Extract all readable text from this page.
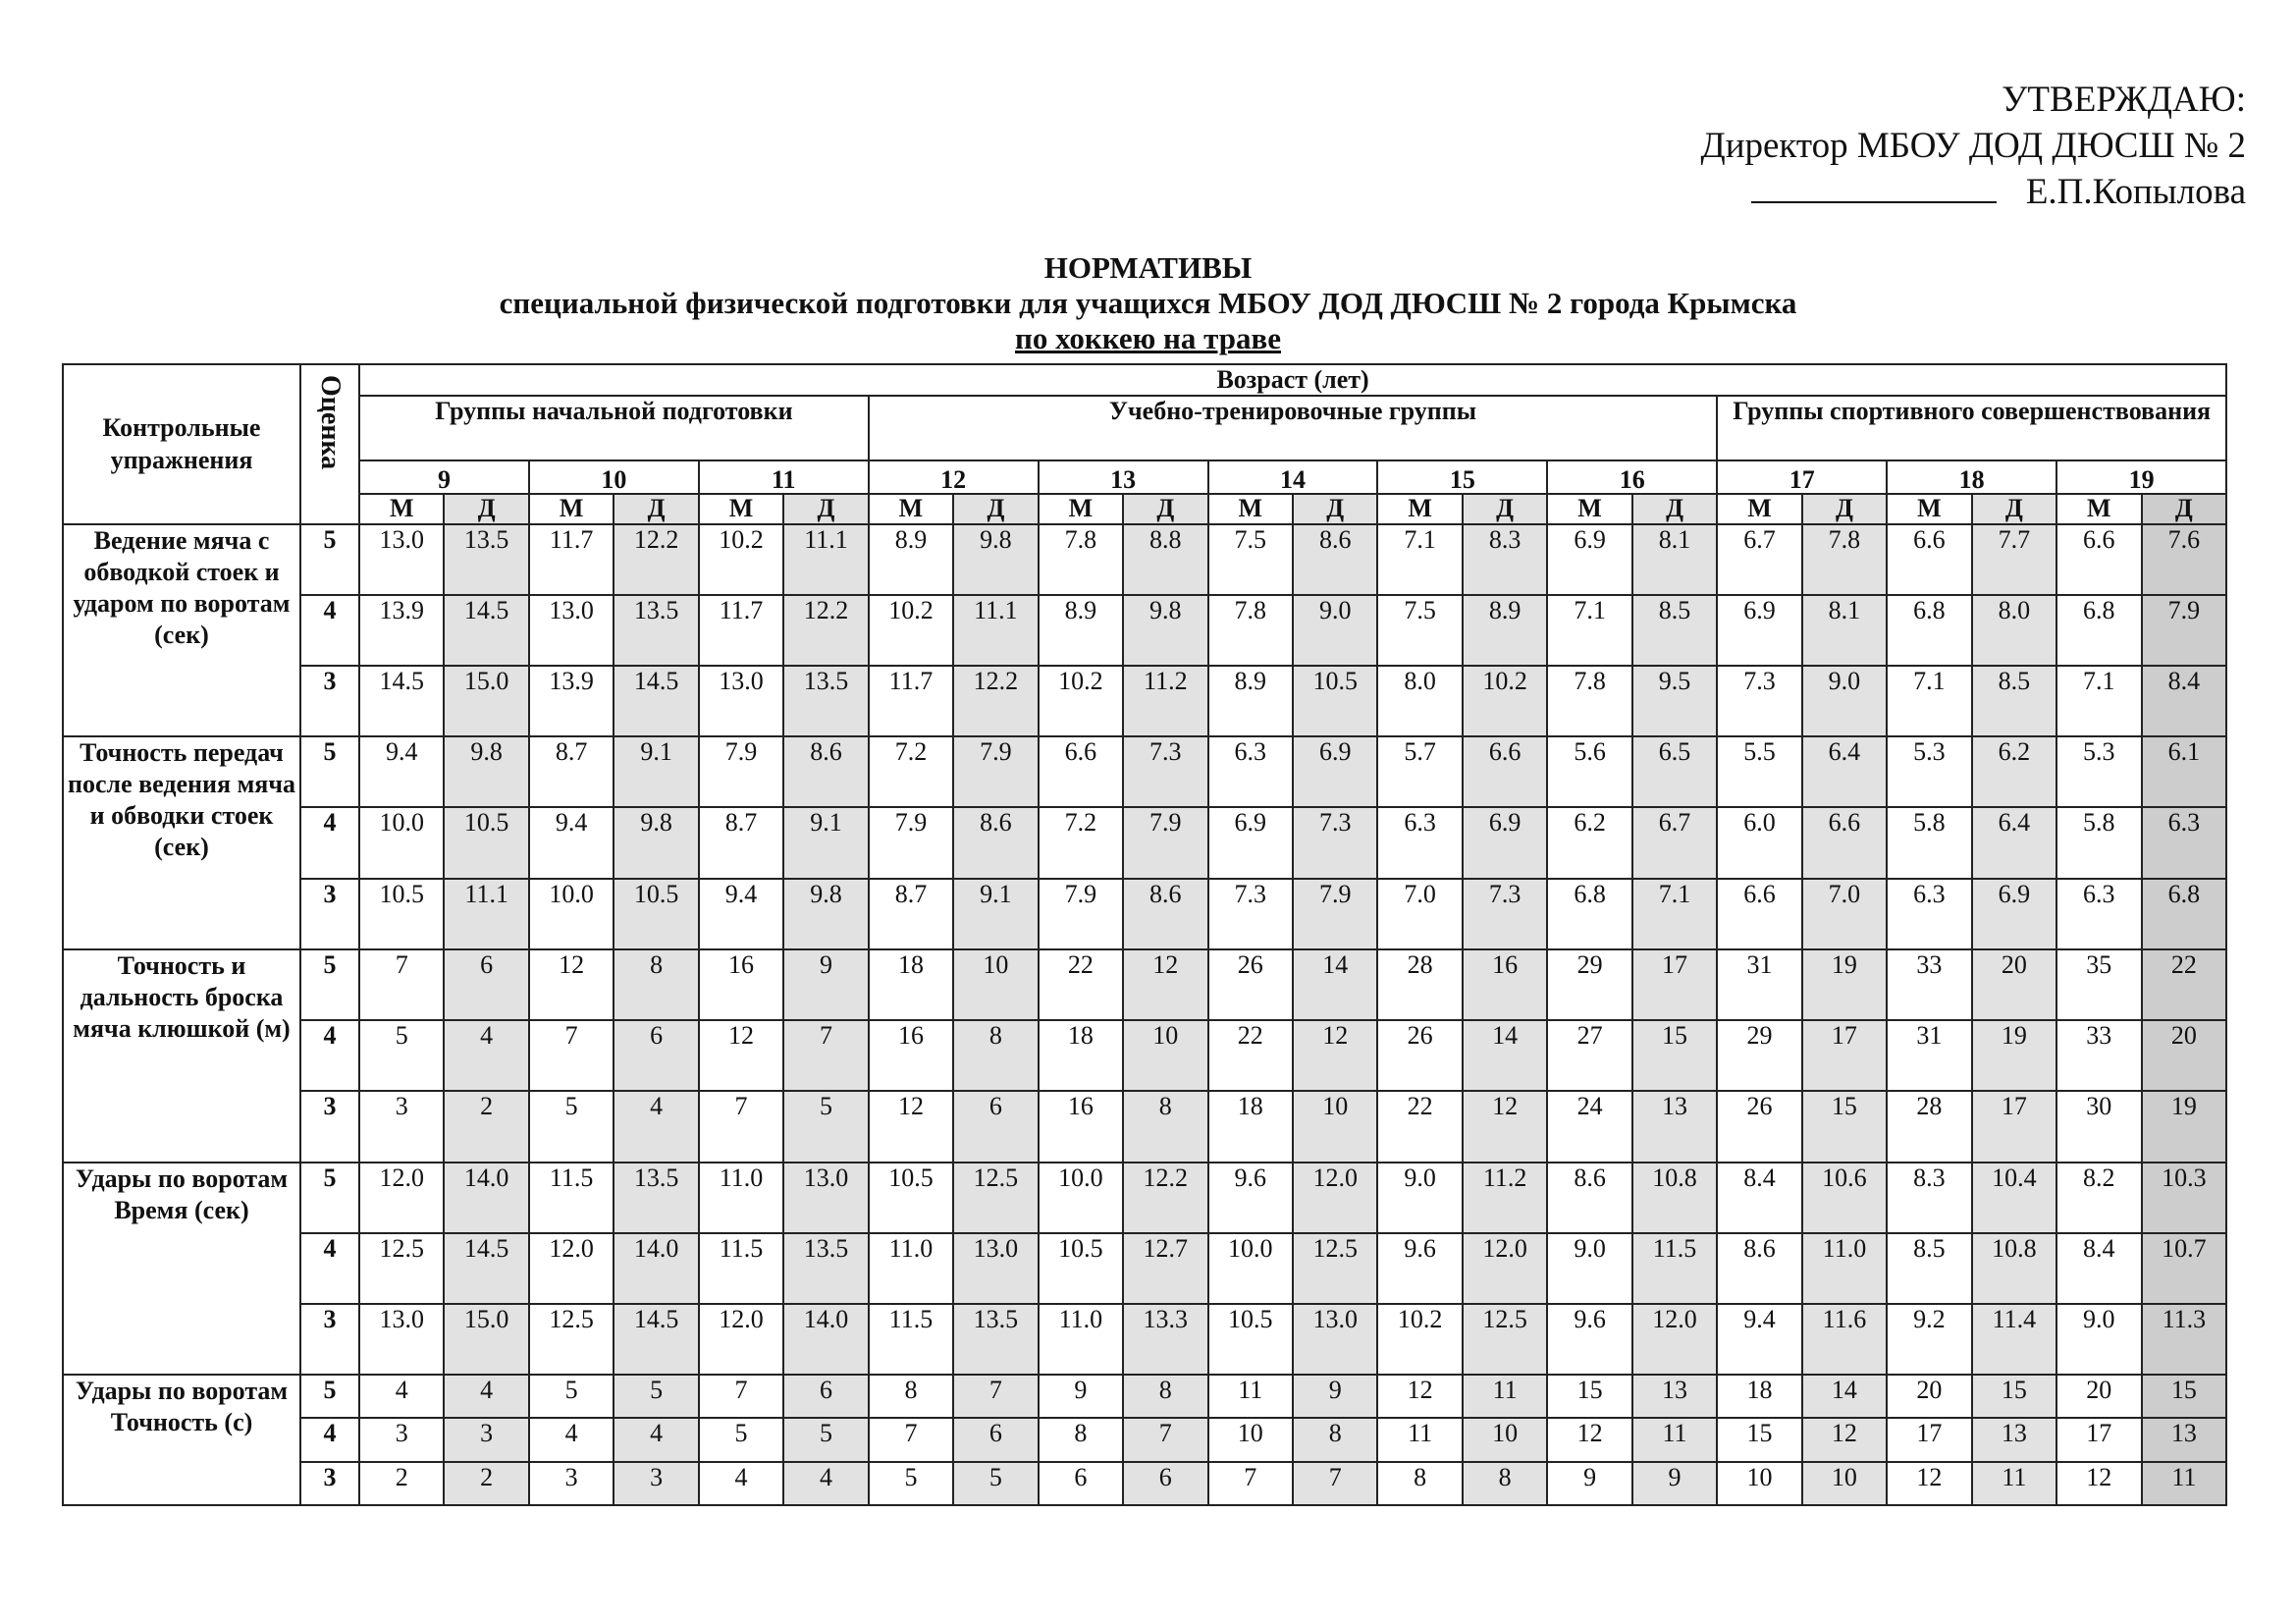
УТВЕРЖДАЮ:
Директор МБОУ ДОД ДЮСШ № 2
Е.П.Копылова
НОРМАТИВЫ
специальной физической подготовки для учащихся МБОУ ДОД ДЮСШ № 2 города Крымска
по хоккею на траве
Контрольные упражнения	Оценка	Возраст (лет)																					
		Группы начальной подготовки						Учебно-тренировочные группы										Группы спортивного совершенствования					
		9		10		11		12		13		14		15		16		17		18		19	
		М	Д	М	Д	М	Д	М	Д	М	Д	М	Д	М	Д	М	Д	М	Д	М	Д	М	Д
Ведение мяча с обводкой стоек и ударом по воротам (сек)	5	13.0	13.5	11.7	12.2	10.2	11.1	8.9	9.8	7.8	8.8	7.5	8.6	7.1	8.3	6.9	8.1	6.7	7.8	6.6	7.7	6.6	7.6
	4	13.9	14.5	13.0	13.5	11.7	12.2	10.2	11.1	8.9	9.8	7.8	9.0	7.5	8.9	7.1	8.5	6.9	8.1	6.8	8.0	6.8	7.9
	3	14.5	15.0	13.9	14.5	13.0	13.5	11.7	12.2	10.2	11.2	8.9	10.5	8.0	10.2	7.8	9.5	7.3	9.0	7.1	8.5	7.1	8.4
Точность передач после ведения мяча и обводки стоек (сек)	5	9.4	9.8	8.7	9.1	7.9	8.6	7.2	7.9	6.6	7.3	6.3	6.9	5.7	6.6	5.6	6.5	5.5	6.4	5.3	6.2	5.3	6.1
	4	10.0	10.5	9.4	9.8	8.7	9.1	7.9	8.6	7.2	7.9	6.9	7.3	6.3	6.9	6.2	6.7	6.0	6.6	5.8	6.4	5.8	6.3
	3	10.5	11.1	10.0	10.5	9.4	9.8	8.7	9.1	7.9	8.6	7.3	7.9	7.0	7.3	6.8	7.1	6.6	7.0	6.3	6.9	6.3	6.8
Точность и дальность броска мяча клюшкой (м)	5	7	6	12	8	16	9	18	10	22	12	26	14	28	16	29	17	31	19	33	20	35	22
	4	5	4	7	6	12	7	16	8	18	10	22	12	26	14	27	15	29	17	31	19	33	20
	3	3	2	5	4	7	5	12	6	16	8	18	10	22	12	24	13	26	15	28	17	30	19
Удары по воротам Время (сек)	5	12.0	14.0	11.5	13.5	11.0	13.0	10.5	12.5	10.0	12.2	9.6	12.0	9.0	11.2	8.6	10.8	8.4	10.6	8.3	10.4	8.2	10.3
	4	12.5	14.5	12.0	14.0	11.5	13.5	11.0	13.0	10.5	12.7	10.0	12.5	9.6	12.0	9.0	11.5	8.6	11.0	8.5	10.8	8.4	10.7
	3	13.0	15.0	12.5	14.5	12.0	14.0	11.5	13.5	11.0	13.3	10.5	13.0	10.2	12.5	9.6	12.0	9.4	11.6	9.2	11.4	9.0	11.3
Удары по воротам Точность (с)	5	4	4	5	5	7	6	8	7	9	8	11	9	12	11	15	13	18	14	20	15	20	15
	4	3	3	4	4	5	5	7	6	8	7	10	8	11	10	12	11	15	12	17	13	17	13
	3	2	2	3	3	4	4	5	5	6	6	7	7	8	8	9	9	10	10	12	11	12	11
